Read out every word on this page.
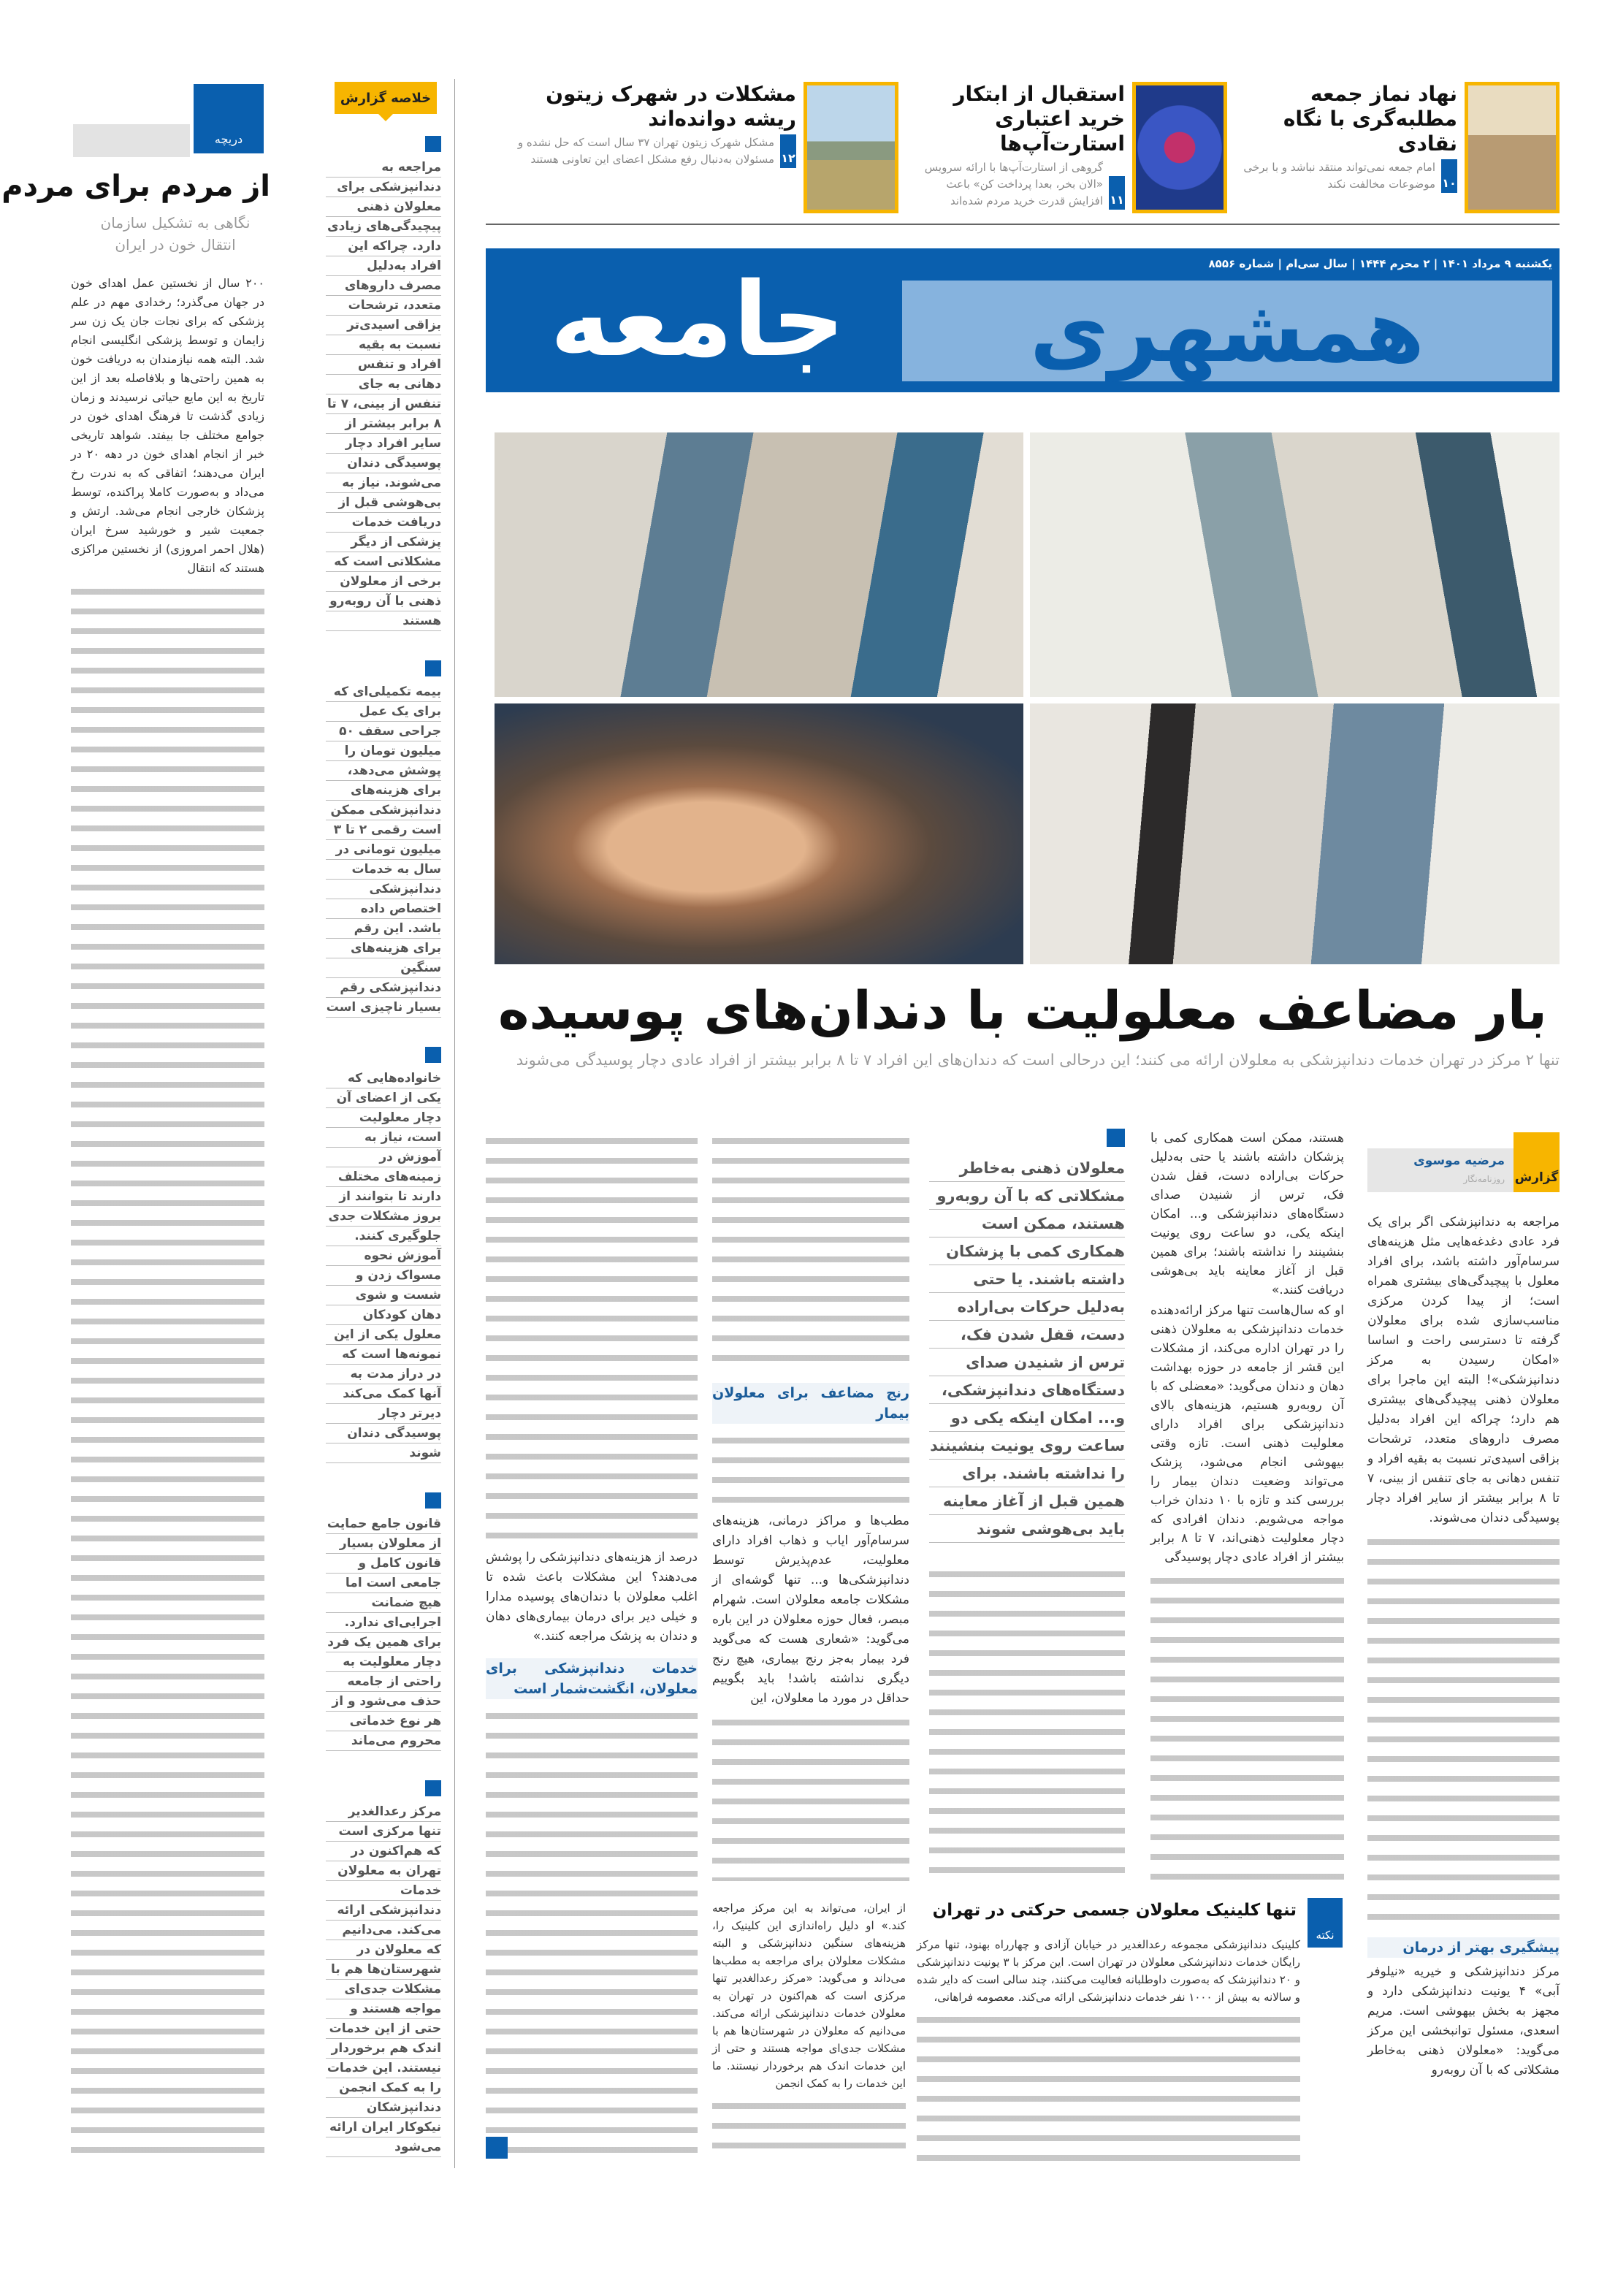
دریچه
از مردم برای مردم
نگاهی به تشکیل سازمان انتقال خون در ایران

۲۰۰ سال از نخستین عمل اهدای خون در جهان می‌گذرد؛ رخدادی مهم در علم پزشکی که برای نجات جان یک زن سر زایمان و توسط پزشکی انگلیسی انجام شد. البته همه نیازمندان به دریافت خون به همین راحتی‌ها و بلافاصله بعد از این تاریخ به این مایع حیاتی نرسیدند و زمان زیادی گذشت تا فرهنگ اهدای خون در جوامع مختلف جا بیفتد. شواهد تاریخی خبر از انجام اهدای خون در دهه ۲۰ در ایران می‌دهند؛ اتفاقی که به ندرت رخ می‌داد و به‌صورت کاملا پراکنده، توسط پزشکان خارجی انجام می‌شد. ارتش و جمعیت شیر و خورشید سرخ ایران (هلال احمر امروزی) از نخستین مراکزی هستند که انتقال

خلاصه گزارش
مراجعه به دندانپزشکی برای معلولان ذهنی پیچیدگی‌های زیادی دارد. چراکه این افراد به‌دلیل مصرف داروهای متعدد، ترشحات بزاقی اسیدی‌تر نسبت به بقیه افراد و تنفس دهانی به جای تنفس از بینی، ۷ تا ۸ برابر بیشتر از سایر افراد دچار پوسیدگی دندان می‌شوند. نیاز به بی‌هوشی قبل از دریافت خدمات پزشکی از دیگر مشکلاتی است که برخی از معلولان ذهنی با آن روبه‌رو هستند
بیمه تکمیلی‌ای که برای یک عمل جراحی سقف ۵۰ میلیون تومان را پوشش می‌دهد، برای هزینه‌های دندانپزشکی ممکن است رقمی ۲ تا ۳ میلیون تومانی در سال به خدمات دندانپزشکی اختصاص داده باشد. این رقم برای هزینه‌های سنگین دندانپزشکی رقم بسیار ناچیزی است
خانواده‌هایی که یکی از اعضای آن دچار معلولیت است، نیاز به آموزش در زمینه‌های مختلف دارند تا بتوانند از بروز مشکلات جدی جلوگیری کنند. آموزش نحوه مسواک زدن و شست و شوی دهان کودکان معلول یکی از این نمونه‌ها است که در دراز مدت به آنها کمک می‌کند دیرتر دچار پوسیدگی دندان شوند
قانون جامع حمایت از معلولان بسیار قانون کامل و جامعی است اما هیچ ضمانت اجرایی‌ای ندارد. برای همین یک فرد دچار معلولیت به راحتی از جامعه حذف می‌شود و از هر نوع خدماتی محروم می‌ماند
مرکز رعدالغدیر تنها مرکزی است که هم‌اکنون در تهران به معلولان خدمات دندانپزشکی ارائه می‌کند. می‌دانیم که معلولان در شهرستان‌ها هم با مشکلات جدی‌ای مواجه هستند و حتی از این خدمات اندک هم برخوردار نیستند. این خدمات را به کمک انجمن دندانپزشکان نیکوکار ایران ارائه می‌شود
نهاد نماز جمعه مطلبه‌گری با نگاه نقادی
۱۰
امام جمعه نمی‌تواند منتقد نباشد و با برخی موضوعات مخالفت نکند
استقبال از ابتکار خرید اعتباری استارت‌آپ‌ها
۱۱
گروهی از استارت‌آپ‌ها با ارائه سرویس «الان بخر، بعدا پرداخت کن» باعث افزایش قدرت خرید مردم شده‌اند
مشکلات در شهرک زیتون ریشه دوانده‌اند
۱۲
مشکل شهرک زیتون تهران ۳۷ سال است که حل نشده و مسئولان به‌دنبال رفع مشکل اعضای این تعاونی هستند
یکشنبه ۹ مرداد ۱۴۰۱ | ۲ محرم ۱۴۴۴ | سال سی‌ام | شماره ۸۵۵۶
همشهری
جامعه
بار مضاعف معلولیت با دندان‌های پوسیده
تنها ۲ مرکز در تهران خدمات دندانپزشکی به معلولان ارائه می کنند؛ این درحالی است که دندان‌های این افراد ۷ تا ۸ برابر بیشتر از افراد عادی دچار پوسیدگی می‌شوند
گزارش
مرضیه موسوی
روزنامه‌نگار

مراجعه به دندانپزشکی اگر برای یک فرد عادی دغدغه‌هایی مثل هزینه‌های سرسام‌آور داشته باشد، برای افراد معلول با پیچیدگی‌های بیشتری همراه است؛ از پیدا کردن مرکزی مناسب‌سازی شده برای معلولان گرفته تا دسترسی راحت و اساسا «امکان رسیدن به مرکز دندانپزشکی»! البته این ماجرا برای معلولان ذهنی پیچیدگی‌های بیشتری هم دارد؛ چراکه این افراد به‌دلیل مصرف داروهای متعدد، ترشحات بزاقی اسیدی‌تر نسبت به بقیه افراد و تنفس دهانی به جای تنفس از بینی، ۷ تا ۸ برابر بیشتر از سایر افراد دچار پوسیدگی دندان می‌شوند.

پیشگیری بهتر از درمان

مرکز دندانپزشکی و خیریه «نیلوفر آبی» ۴ یونیت دندانپزشکی دارد و مجهز به بخش بیهوشی است. مریم اسعدی، مسئول توانبخشی این مرکز می‌گوید: «معلولان ذهنی به‌خاطر مشکلاتی که با آن روبه‌رو

هستند، ممکن است همکاری کمی با پزشکان داشته باشند یا حتی به‌دلیل حرکات بی‌اراده دست، قفل شدن فک، ترس از شنیدن صدای دستگاه‌های دندانپزشکی و... امکان اینکه یکی، دو ساعت روی یونیت بنشینند را نداشته باشند؛ برای همین قبل از آغاز معاینه باید بی‌هوشی دریافت کنند.»

او که سال‌هاست تنها مرکز ارائه‌دهنده خدمات دندانپزشکی به معلولان ذهنی را در تهران اداره می‌کند، از مشکلات این قشر از جامعه در حوزه بهداشت دهان و دندان می‌گوید: «معضلی که با آن روبه‌رو هستیم، هزینه‌های بالای دندانپزشکی برای افراد دارای معلولیت ذهنی است. تازه وقتی بیهوشی انجام می‌شود، پزشک می‌تواند وضعیت دندان بیمار را بررسی کند و تازه با ۱۰ دندان خراب مواجه می‌شویم. دندان افرادی که دچار معلولیت ذهنی‌اند، ۷ تا ۸ برابر بیشتر از افراد عادی دچار پوسیدگی

معلولان ذهنی به‌خاطر مشکلاتی که با آن روبه‌رو هستند، ممکن است همکاری کمی با پزشکان داشته باشند. یا حتی به‌دلیل حرکات بی‌اراده دست، قفل شدن فک، ترس از شنیدن صدای دستگاه‌های دندانپزشکی، و... امکان اینکه یکی دو ساعت روی یونیت بنشینند را نداشته باشند. برای همین قبل از آغاز معاینه باید بی‌هوشی شوند
رنج مضاعف برای معلولان بیمار

مطب‌ها و مراکز درمانی، هزینه‌های سرسام‌آور ایاب و ذهاب افراد دارای معلولیت، عدم‌پذیرش توسط دندانپزشکی‌ها و... تنها گوشه‌ای از مشکلات جامعه معلولان است. شهرام مبصر، فعال حوزه معلولان در این باره می‌گوید: «شعاری هست که می‌گوید فرد بیمار به‌جز رنج بیماری، هیچ رنج دیگری نداشته باشد! باید بگوییم حداقل در مورد ما معلولان، این

درصد از هزینه‌های دندانپزشکی را پوشش می‌دهند؟ این مشکلات باعث شده تا اغلب معلولان با دندان‌های پوسیده مدارا و خیلی دیر برای درمان بیماری‌های دهان و دندان به پزشک مراجعه کنند.»

خدمات دندانپزشکی برای معلولان، انگشت‌شمار است
نکته
تنها کلینیک معلولان جسمی حرکتی در تهران

کلینیک دندانپزشکی مجموعه رعدالغدیر در خیابان آزادی و چهارراه بهنود، تنها مرکز رایگان خدمات دندانپزشکی معلولان در تهران است. این مرکز با ۳ یونیت دندانپزشکی و ۲۰ دندانپزشک که به‌صورت داوطلبانه فعالیت می‌کنند، چند سالی است که دایر شده و سالانه به بیش از ۱۰۰۰ نفر خدمات دندانپزشکی ارائه می‌کند. معصومه فراهانی،

از ایران، می‌تواند به این مرکز مراجعه کند.» او دلیل راه‌اندازی این کلینیک را، هزینه‌های سنگین دندانپزشکی و البته مشکلات معلولان برای مراجعه به مطب‌ها می‌داند و می‌گوید: «مرکز رعدالغدیر تنها مرکزی است که هم‌اکنون در تهران به معلولان خدمات دندانپزشکی ارائه می‌کند. می‌دانیم که معلولان در شهرستان‌ها هم با مشکلات جدی‌ای مواجه هستند و حتی از این خدمات اندک هم برخوردار نیستند. ما این خدمات را به کمک انجمن
